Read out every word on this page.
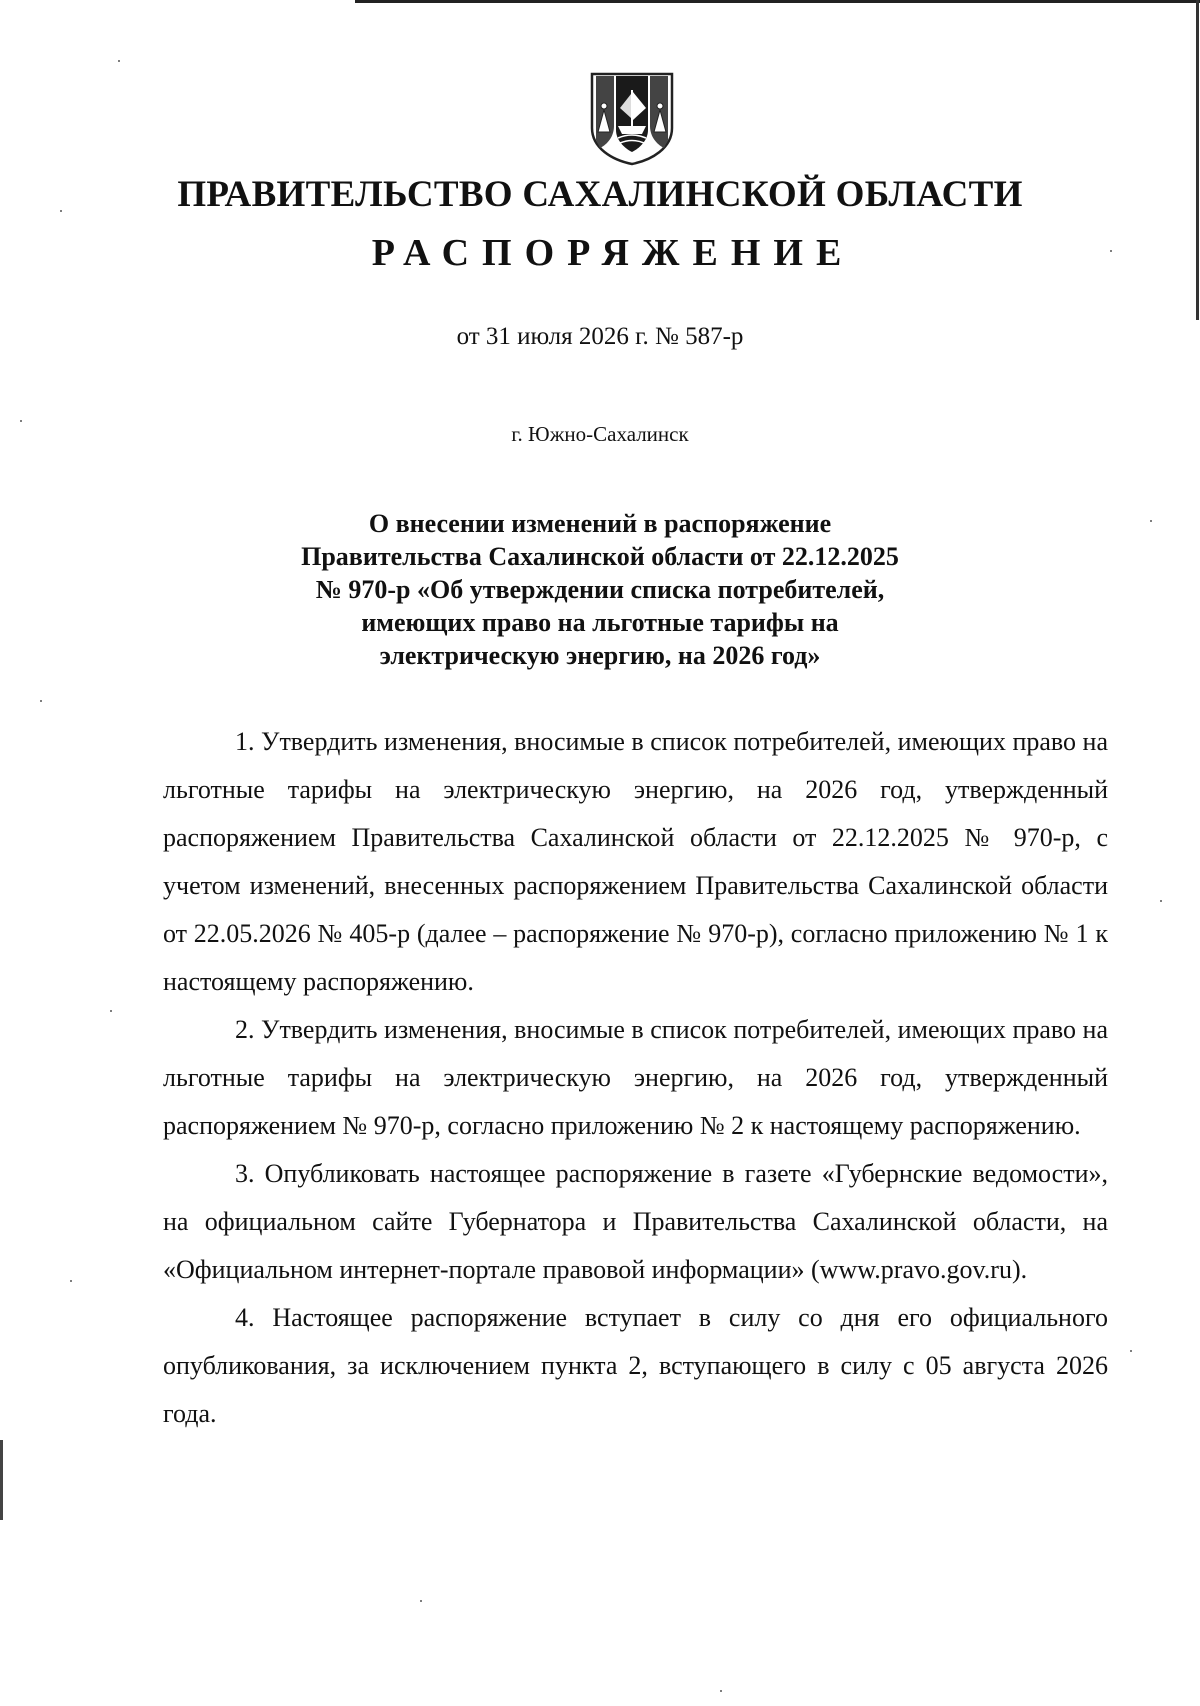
ПРАВИТЕЛЬСТВО САХАЛИНСКОЙ ОБЛАСТИ
РАСПОРЯЖЕНИЕ
от 31 июля 2026 г. № 587-р
г. Южно-Сахалинск
О внесении изменений в распоряжение
Правительства Сахалинской области от 22.12.2025
№ 970-р «Об утверждении списка потребителей,
имеющих право на льготные тарифы на
электрическую энергию, на 2026 год»

1. Утвердить изменения, вносимые в список потребителей, имеющих право на льготные тарифы на электрическую энергию, на 2026 год, утвержденный распоряжением Правительства Сахалинской области от 22.12.2025 № 970-р, с учетом изменений, внесенных распоряжением Правительства Сахалинской области от 22.05.2026 № 405-р (далее – распоряжение № 970-р), согласно приложению № 1 к настоящему распоряжению.

2. Утвердить изменения, вносимые в список потребителей, имеющих право на льготные тарифы на электрическую энергию, на 2026 год, утвержденный распоряжением № 970-р, согласно приложению № 2 к настоящему распоряжению.

3. Опубликовать настоящее распоряжение в газете «Губернские ведомости», на официальном сайте Губернатора и Правительства Сахалинской области, на «Официальном интернет-портале правовой информации» (www.pravo.gov.ru).

4. Настоящее распоряжение вступает в силу со дня его официального опубликования, за исключением пункта 2, вступающего в силу с 05 августа 2026 года.
